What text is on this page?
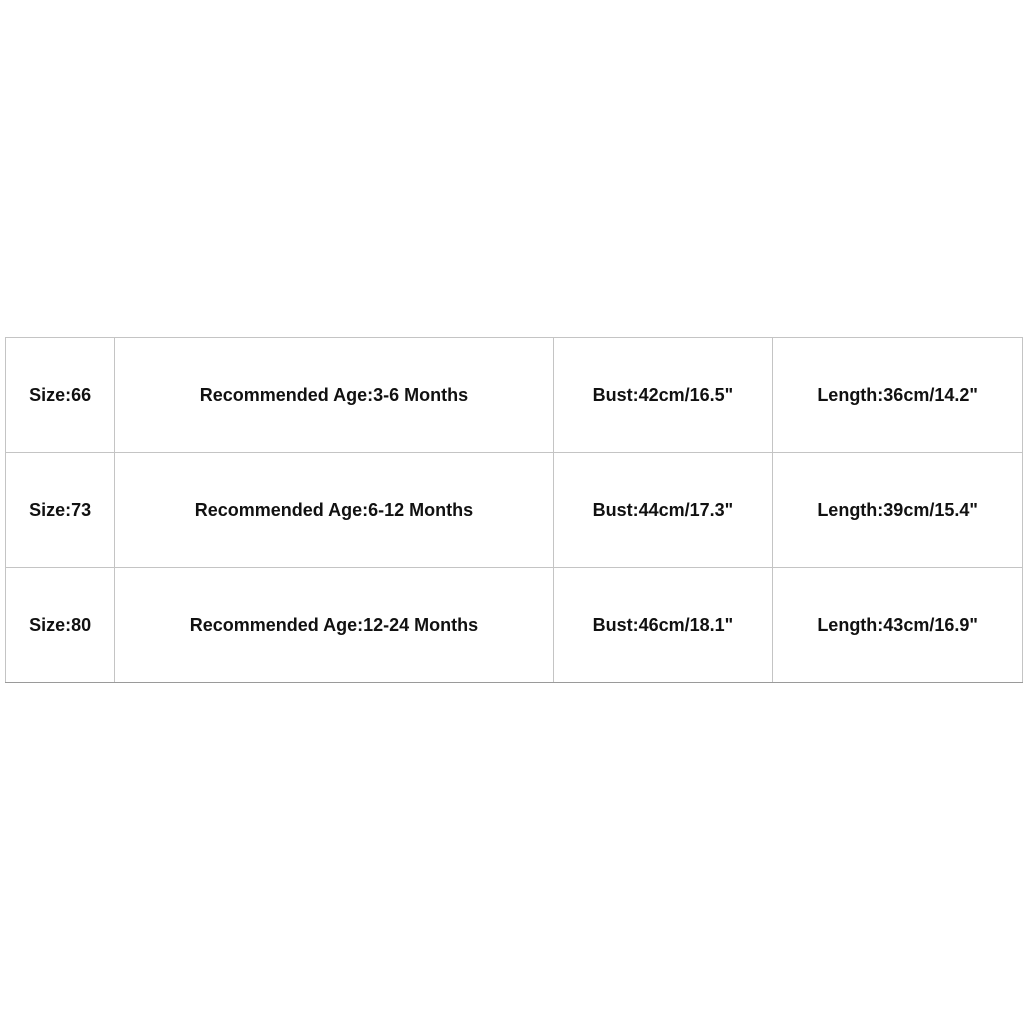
Size:66	Recommended Age:3-6 Months	Bust:42cm/16.5"	Length:36cm/14.2"
Size:73	Recommended Age:6-12 Months	Bust:44cm/17.3"	Length:39cm/15.4"
Size:80	Recommended Age:12-24 Months	Bust:46cm/18.1"	Length:43cm/16.9"
